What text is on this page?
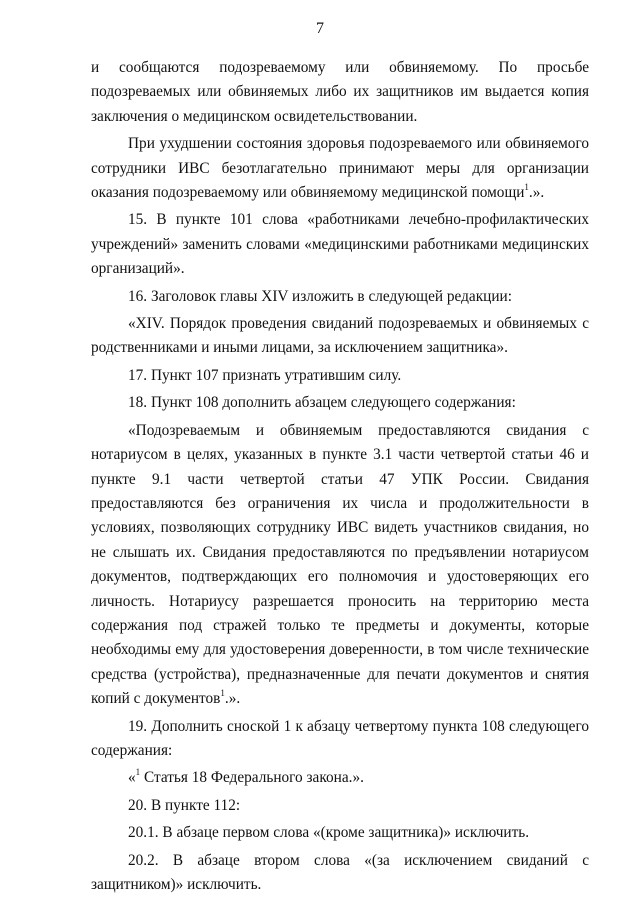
7

и сообщаются подозреваемому или обвиняемому. По просьбе подозреваемых или обвиняемых либо их защитников им выдается копия заключения о медицинском освидетельствовании.

При ухудшении состояния здоровья подозреваемого или обвиняемого сотрудники ИВС безотлагательно принимают меры для организации оказания подозреваемому или обвиняемому медицинской помощи$^1$.».

15. В пункте 101 слова «работниками лечебно-профилактических учреждений» заменить словами «медицинскими работниками медицинских организаций».

16. Заголовок главы XIV изложить в следующей редакции:

«XIV. Порядок проведения свиданий подозреваемых и обвиняемых с родственниками и иными лицами, за исключением защитника».

17. Пункт 107 признать утратившим силу.

18. Пункт 108 дополнить абзацем следующего содержания:

«Подозреваемым и обвиняемым предоставляются свидания с нотариусом в целях, указанных в пункте 3.1 части четвертой статьи 46 и пункте 9.1 части четвертой статьи 47 УПК России. Свидания предоставляются без ограничения их числа и продолжительности в условиях, позволяющих сотруднику ИВС видеть участников свидания, но не слышать их. Свидания предоставляются по предъявлении нотариусом документов, подтверждающих его полномочия и удостоверяющих его личность. Нотариусу разрешается проносить на территорию места содержания под стражей только те предметы и документы, которые необходимы ему для удостоверения доверенности, в том числе технические средства (устройства), предназначенные для печати документов и снятия копий с документов$^1$.».

19. Дополнить сноской 1 к абзацу четвертому пункта 108 следующего содержания:

«$^1$ Статья 18 Федерального закона.».

20. В пункте 112:

20.1. В абзаце первом слова «(кроме защитника)» исключить.

20.2. В абзаце втором слова «(за исключением свиданий с защитником)» исключить.
